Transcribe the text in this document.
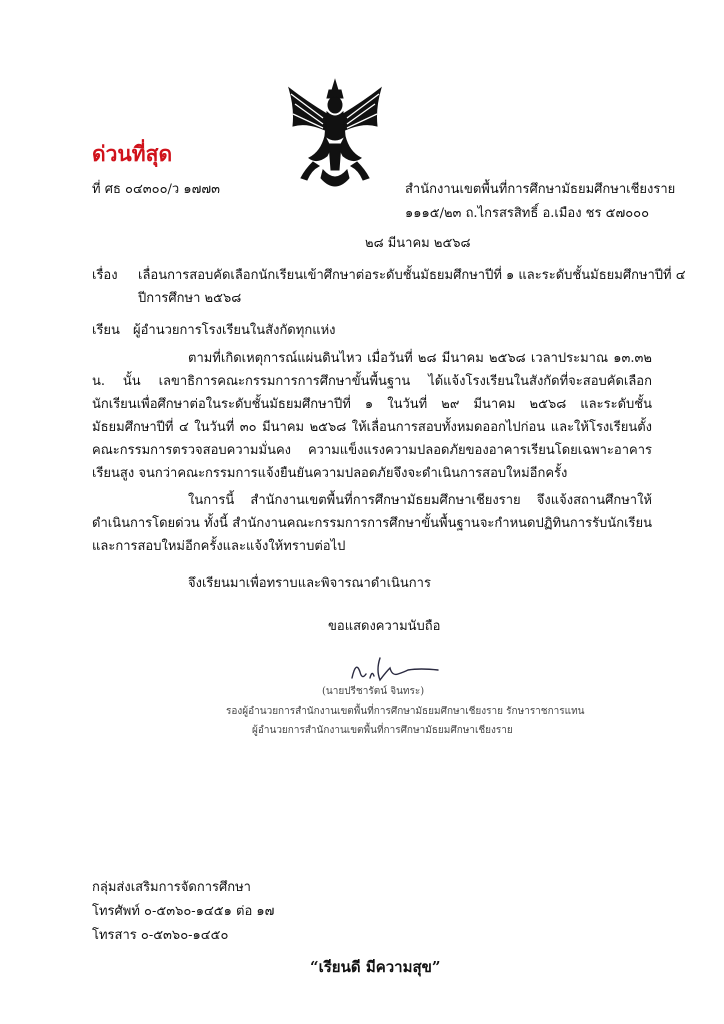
ด่วนที่สุด
ที่ ศธ ๐๔๓๐๐/ว ๑๗๗๓	สำนักงานเขตพื้นที่การศึกษามัธยมศึกษาเชียงราย
๑๑๑๕/๒๓ ถ.ไกรสรสิทธิ์ อ.เมือง ชร ๕๗๐๐๐
๒๘ มีนาคม ๒๕๖๘
เรื่อง เลื่อนการสอบคัดเลือกนักเรียนเข้าศึกษาต่อระดับชั้นมัธยมศึกษาปีที่ ๑ และระดับชั้นมัธยมศึกษาปีที่ ๔
ปีการศึกษา ๒๕๖๘
เรียน ผู้อำนวยการโรงเรียนในสังกัดทุกแห่ง
ตามที่เกิดเหตุการณ์แผ่นดินไหว เมื่อวันที่ ๒๘ มีนาคม ๒๕๖๘ เวลาประมาณ ๑๓.๓๒ น. นั้น เลขาธิการคณะกรรมการการศึกษาขั้นพื้นฐาน ได้แจ้งโรงเรียนในสังกัดที่จะสอบคัดเลือกนักเรียนเพื่อศึกษาต่อในระดับชั้นมัธยมศึกษาปีที่ ๑ ในวันที่ ๒๙ มีนาคม ๒๕๖๘ และระดับชั้นมัธยมศึกษาปีที่ ๔ ในวันที่ ๓๐ มีนาคม ๒๕๖๘ ให้เลื่อนการสอบทั้งหมดออกไปก่อน และให้โรงเรียนตั้งคณะกรรมการตรวจสอบความมั่นคง ความแข็งแรงความปลอดภัยของอาคารเรียนโดยเฉพาะอาคารเรียนสูง จนกว่าคณะกรรมการแจ้งยืนยันความปลอดภัยจึงจะดำเนินการสอบใหม่อีกครั้ง
ในการนี้ สำนักงานเขตพื้นที่การศึกษามัธยมศึกษาเชียงราย จึงแจ้งสถานศึกษาให้ดำเนินการโดยด่วน ทั้งนี้ สำนักงานคณะกรรมการการศึกษาขั้นพื้นฐานจะกำหนดปฏิทินการรับนักเรียนและการสอบใหม่อีกครั้งและแจ้งให้ทราบต่อไป
จึงเรียนมาเพื่อทราบและพิจารณาดำเนินการ
ขอแสดงความนับถือ
(นายปรีชารัตน์ จินทระ)
รองผู้อำนวยการสำนักงานเขตพื้นที่การศึกษามัธยมศึกษาเชียงราย รักษาราชการแทน
ผู้อำนวยการสำนักงานเขตพื้นที่การศึกษามัธยมศึกษาเชียงราย
กลุ่มส่งเสริมการจัดการศึกษา
โทรศัพท์ ๐-๕๓๖๐-๑๔๕๑ ต่อ ๑๗
โทรสาร ๐-๕๓๖๐-๑๔๕๐
“เรียนดี มีความสุข”
